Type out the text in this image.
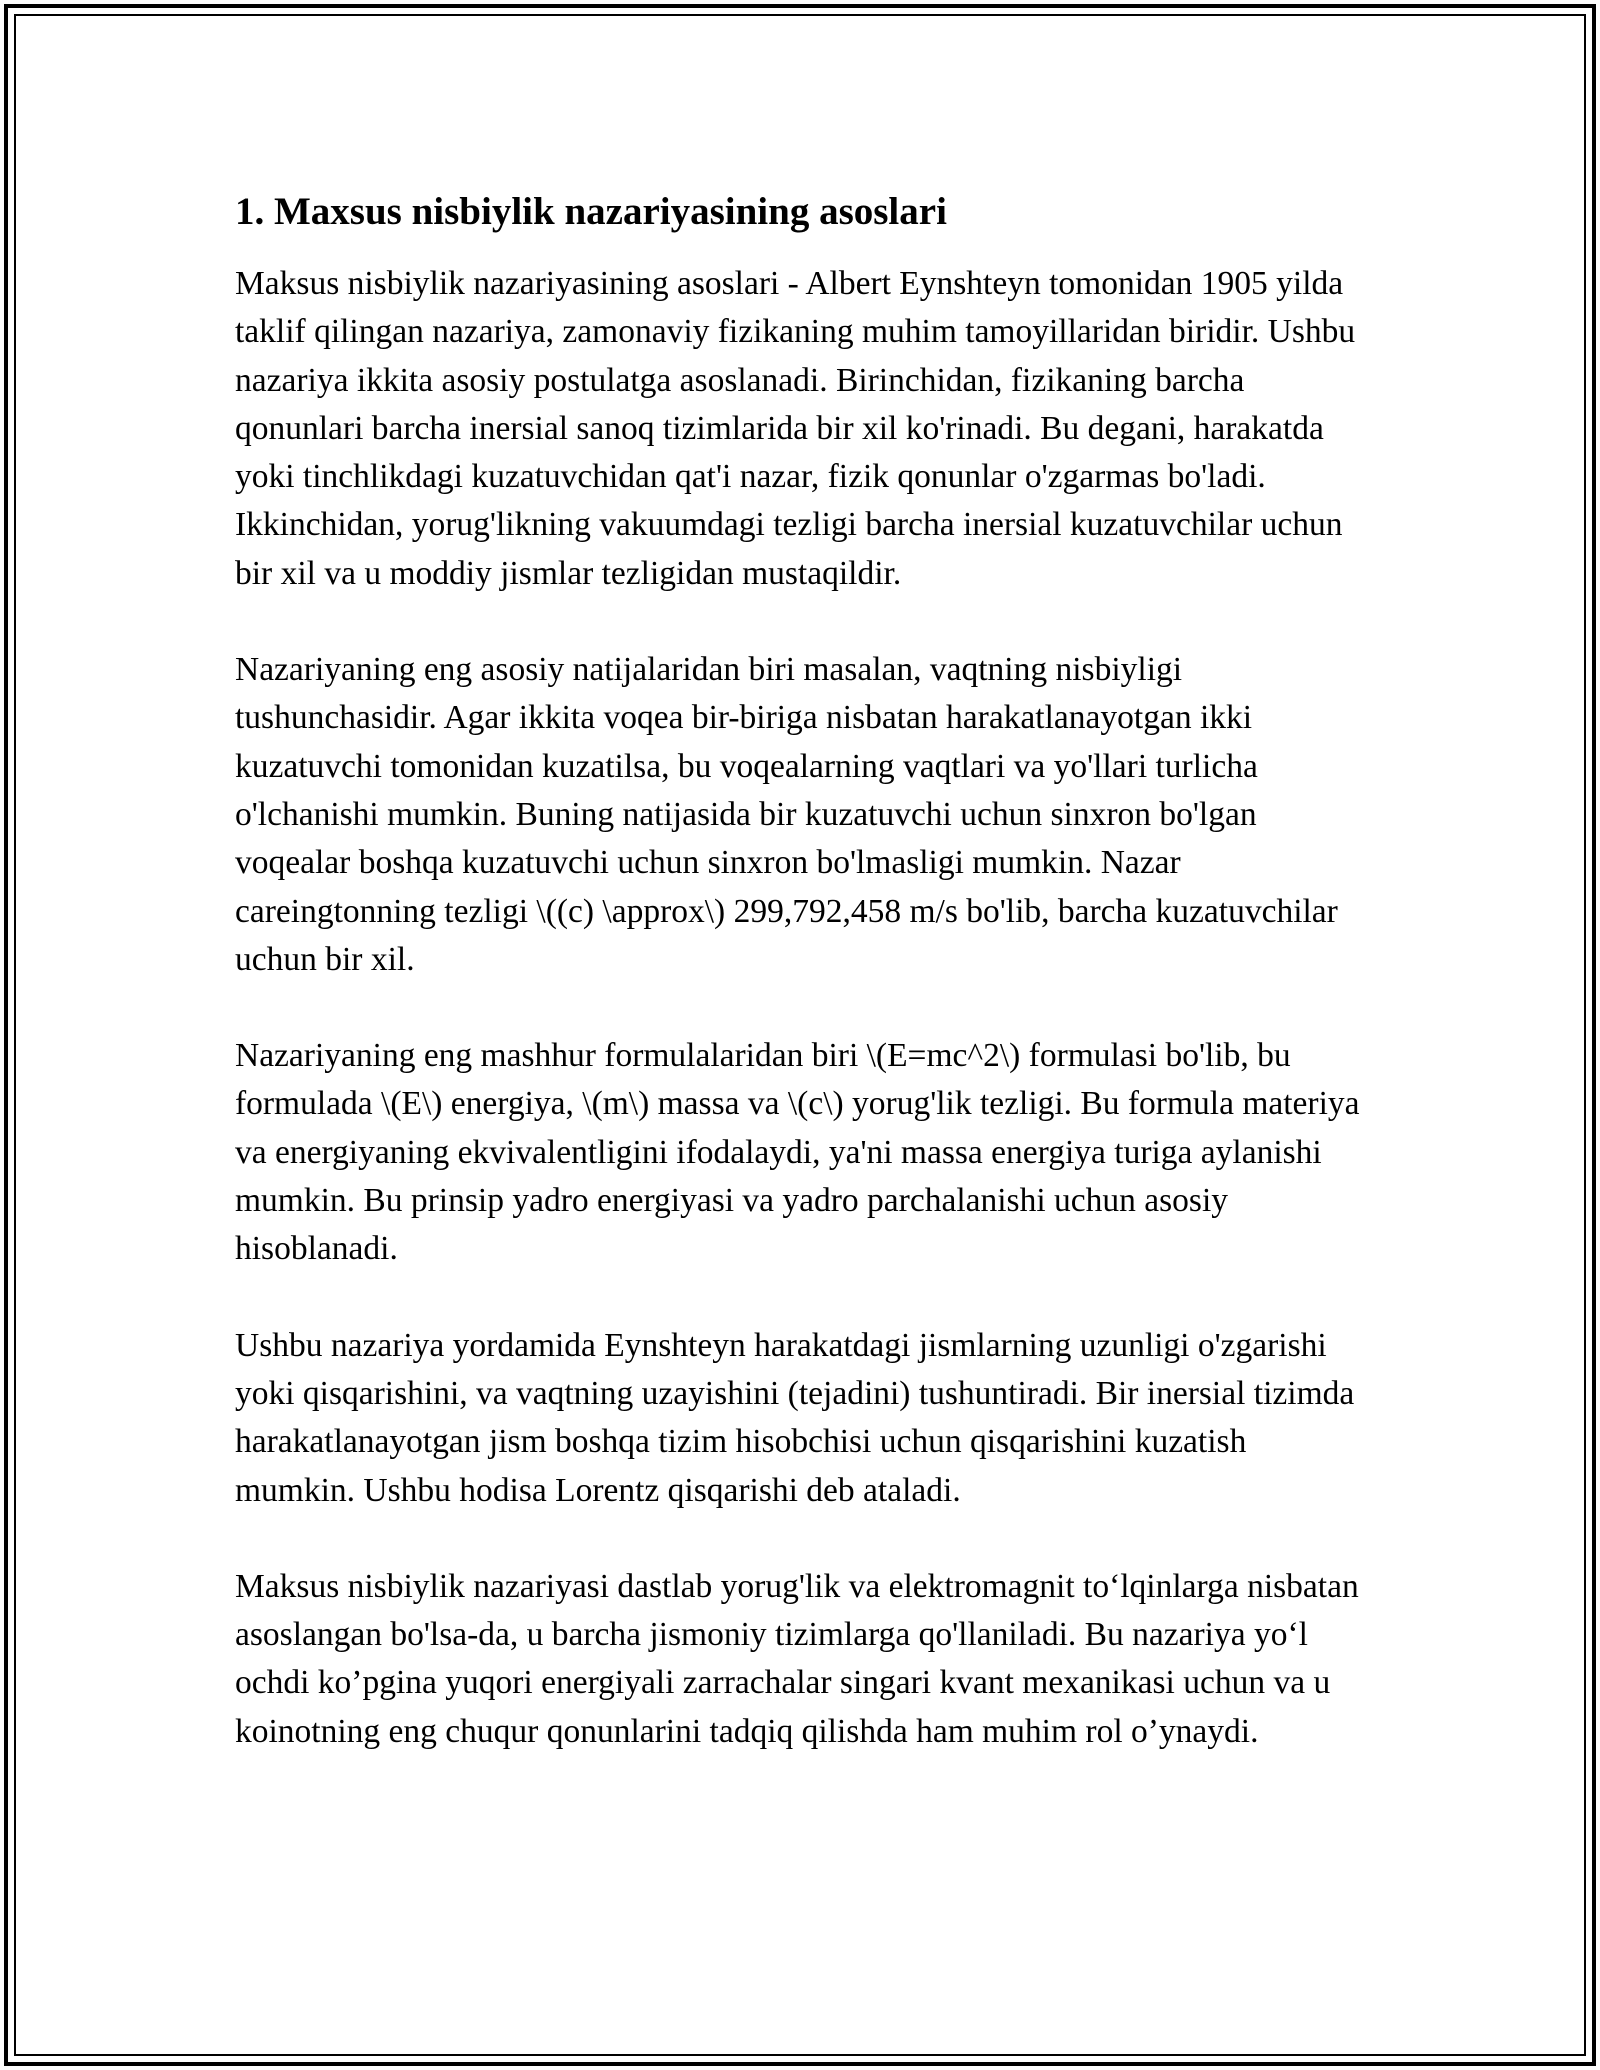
1. Maxsus nisbiylik nazariyasining asoslari

Maksus nisbiylik nazariyasining asoslari - Albert Eynshteyn tomonidan 1905 yilda taklif qilingan nazariya, zamonaviy fizikaning muhim tamoyillaridan biridir. Ushbu nazariya ikkita asosiy postulatga asoslanadi. Birinchidan, fizikaning barcha qonunlari barcha inersial sanoq tizimlarida bir xil ko'rinadi. Bu degani, harakatda yoki tinchlikdagi kuzatuvchidan qat'i nazar, fizik qonunlar o'zgarmas bo'ladi. Ikkinchidan, yorug'likning vakuumdagi tezligi barcha inersial kuzatuvchilar uchun bir xil va u moddiy jismlar tezligidan mustaqildir.

Nazariyaning eng asosiy natijalaridan biri masalan, vaqtning nisbiyligi tushunchasidir. Agar ikkita voqea bir-biriga nisbatan harakatlanayotgan ikki kuzatuvchi tomonidan kuzatilsa, bu voqealarning vaqtlari va yo'llari turlicha o'lchanishi mumkin. Buning natijasida bir kuzatuvchi uchun sinxron bo'lgan voqealar boshqa kuzatuvchi uchun sinxron bo'lmasligi mumkin. Nazar careingtonning tezligi \((c) \approx\) 299,792,458 m/s bo'lib, barcha kuzatuvchilar uchun bir xil.

Nazariyaning eng mashhur formulalaridan biri \(E=mc^2\) formulasi bo'lib, bu formulada \(E\) energiya, \(m\) massa va \(c\) yorug'lik tezligi. Bu formula materiya va energiyaning ekvivalentligini ifodalaydi, ya'ni massa energiya turiga aylanishi mumkin. Bu prinsip yadro energiyasi va yadro parchalanishi uchun asosiy hisoblanadi.

Ushbu nazariya yordamida Eynshteyn harakatdagi jismlarning uzunligi o'zgarishi yoki qisqarishini, va vaqtning uzayishini (tejadini) tushuntiradi. Bir inersial tizimda harakatlanayotgan jism boshqa tizim hisobchisi uchun qisqarishini kuzatish mumkin. Ushbu hodisa Lorentz qisqarishi deb ataladi.

Maksus nisbiylik nazariyasi dastlab yorug'lik va elektromagnit to‘lqinlarga nisbatan asoslangan bo'lsa-da, u barcha jismoniy tizimlarga qo'llaniladi. Bu nazariya yo‘l ochdi ko’pgina yuqori energiyali zarrachalar singari kvant mexanikasi uchun va u koinotning eng chuqur qonunlarini tadqiq qilishda ham muhim rol o’ynaydi.
